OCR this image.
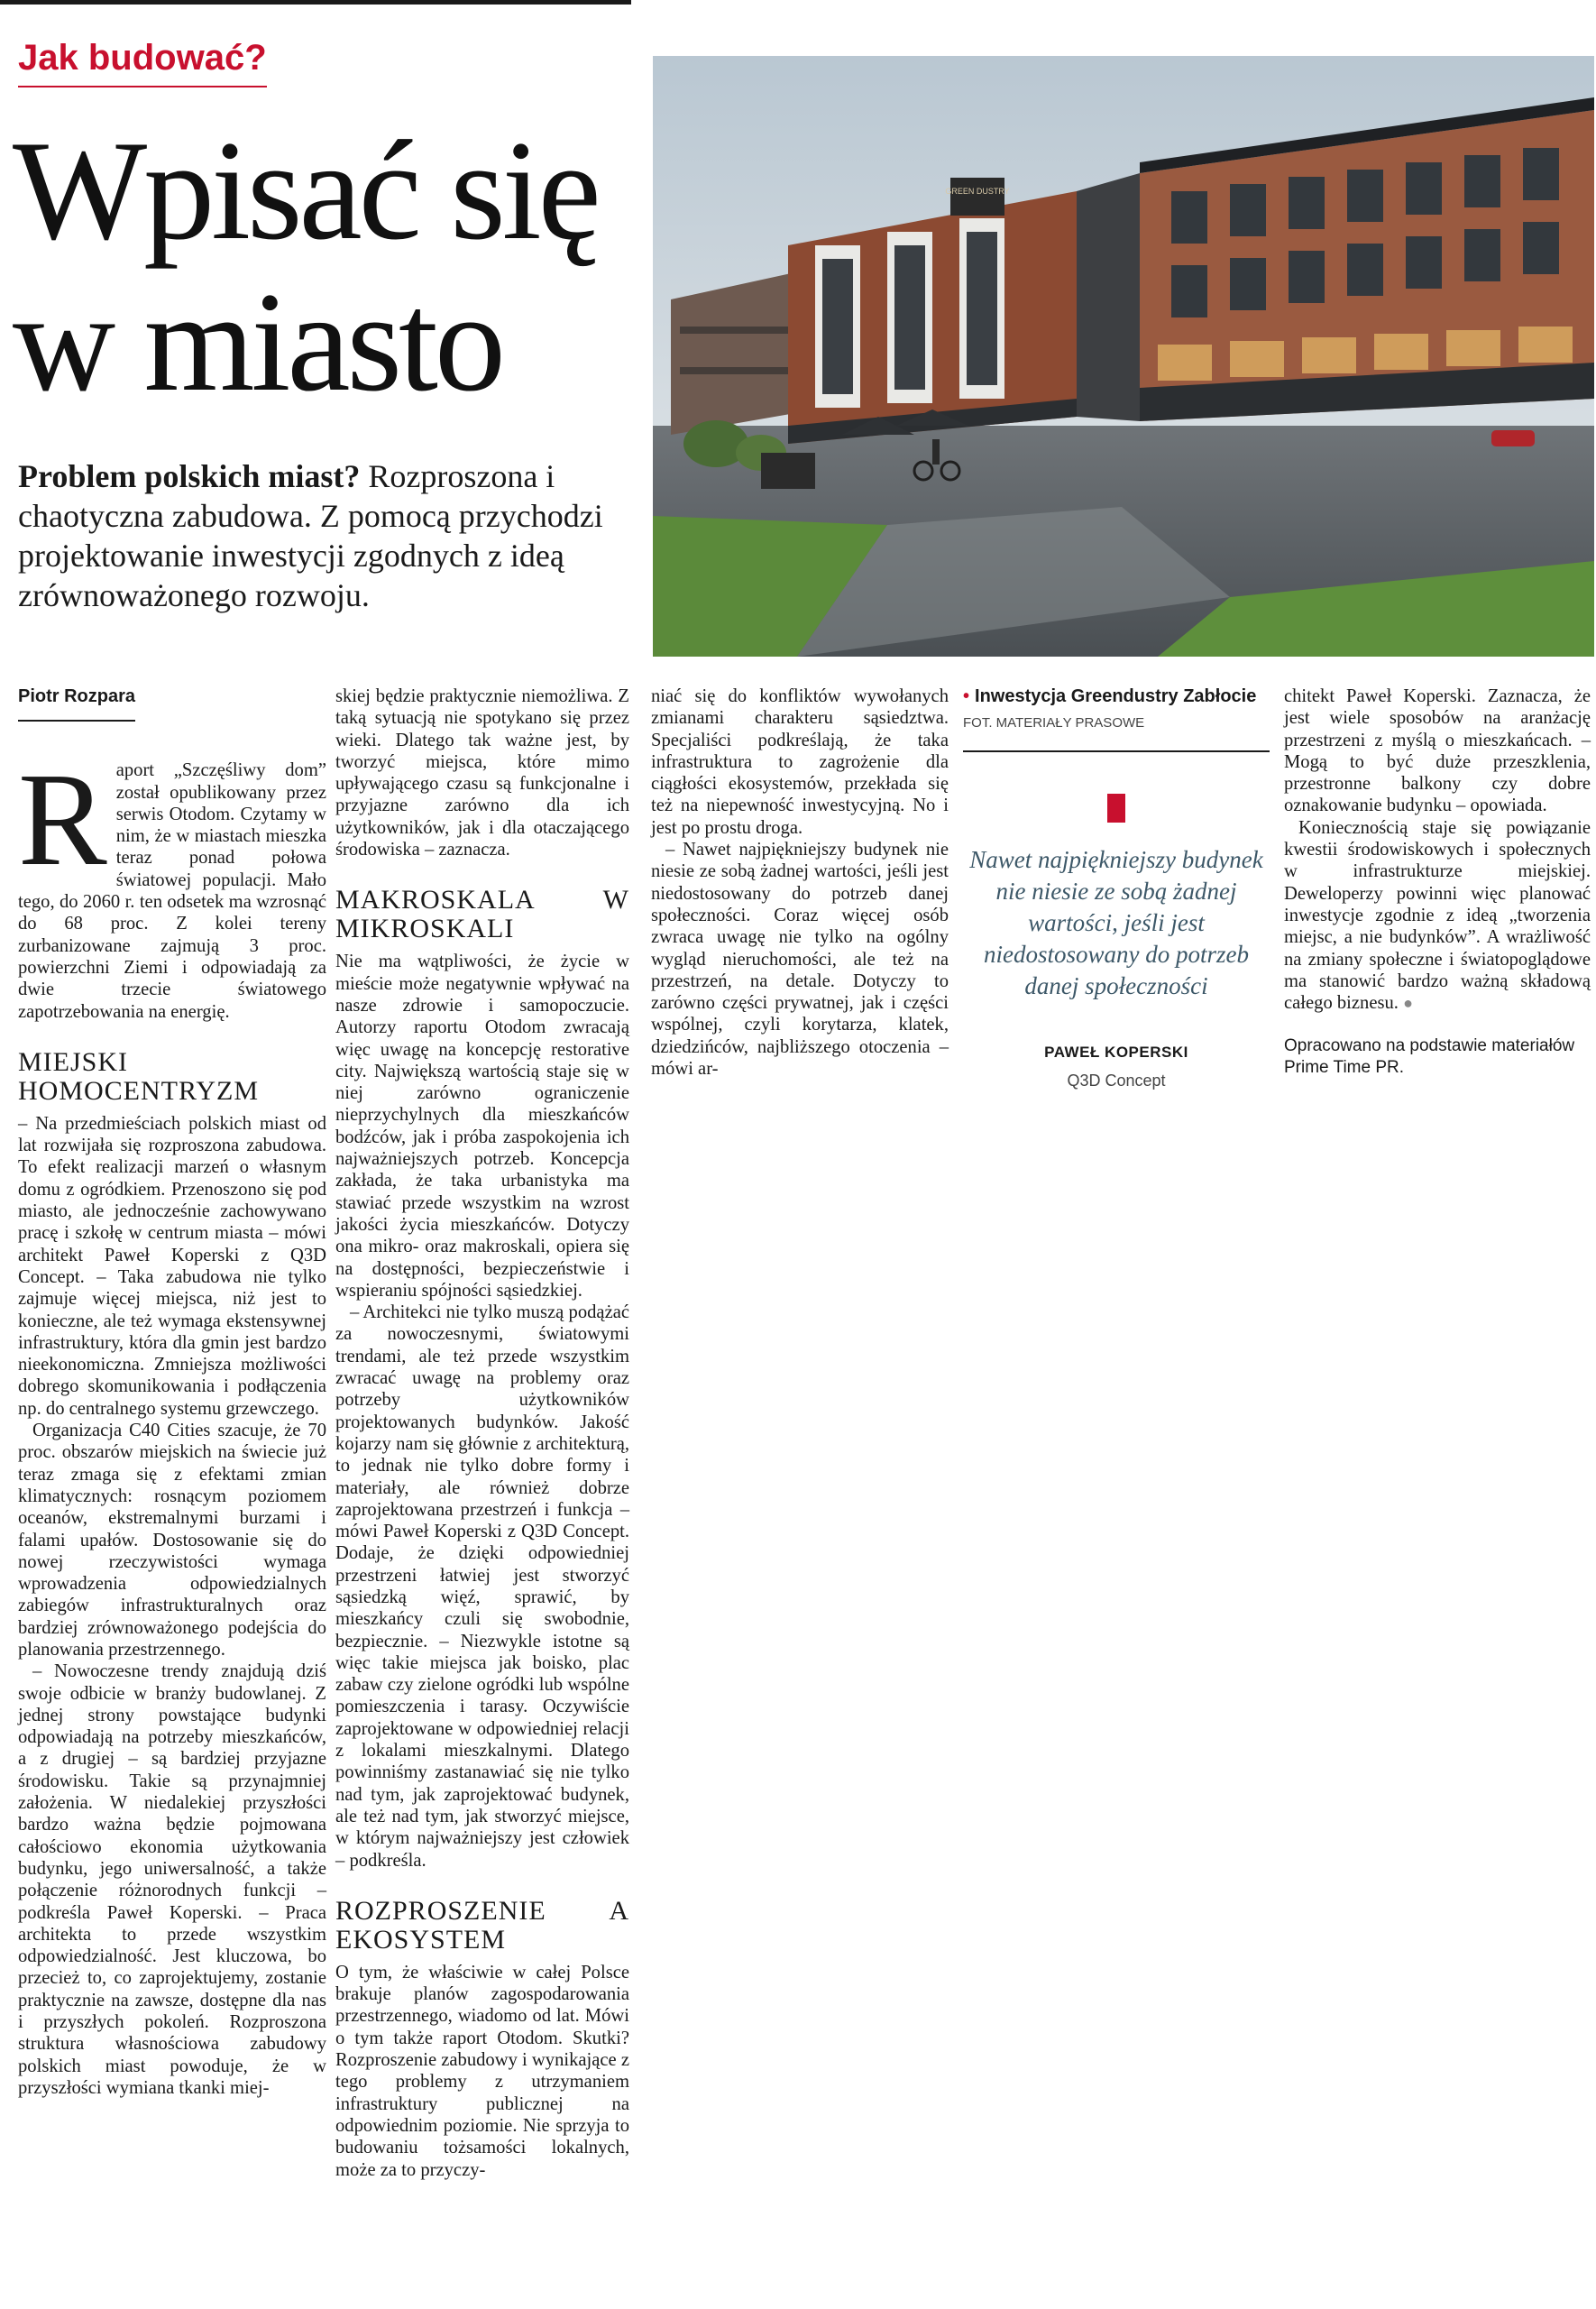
Jak budować?
Wpisać się
w miasto

Problem polskich miast? Rozproszona i chaotyczna zabudowa. Z pomocą przychodzi projektowanie inwestycji zgodnych z ideą zrównoważonego rozwoju.

GREEN DUSTRY
Piotr Rozpara

Raport „Szczęśliwy dom” został opublikowany przez serwis Otodom. Czytamy w nim, że w miastach mieszka teraz ponad połowa światowej populacji. Mało tego, do 2060 r. ten odsetek ma wzrosnąć do 68 proc. Z kolei tereny zurbanizowane zajmują 3 proc. powierzchni Ziemi i odpowiadają za dwie trzecie światowego zapotrzebowania na energię.

MIEJSKI HOMOCENTRYZM

– Na przedmieściach polskich miast od lat rozwijała się rozproszona zabudowa. To efekt realizacji marzeń o własnym domu z ogródkiem. Przenoszono się pod miasto, ale jednocześnie zachowywano pracę i szkołę w centrum miasta – mówi architekt Paweł Koperski z Q3D Concept. – Taka zabudowa nie tylko zajmuje więcej miejsca, niż jest to konieczne, ale też wymaga ekstensywnej infrastruktury, która dla gmin jest bardzo nieekonomiczna. Zmniejsza możliwości dobrego skomunikowania i podłączenia np. do centralnego systemu grzewczego.

Organizacja C40 Cities szacuje, że 70 proc. obszarów miejskich na świecie już teraz zmaga się z efektami zmian klimatycznych: rosnącym poziomem oceanów, ekstremalnymi burzami i falami upałów. Dostosowanie się do nowej rzeczywistości wymaga wprowadzenia odpowiedzialnych zabiegów infrastrukturalnych oraz bardziej zrównoważonego podejścia do planowania przestrzennego.

– Nowoczesne trendy znajdują dziś swoje odbicie w branży budowlanej. Z jednej strony powstające budynki odpowiadają na potrzeby mieszkańców, a z drugiej – są bardziej przyjazne środowisku. Takie są przynajmniej założenia. W niedalekiej przyszłości bardzo ważna będzie pojmowana całościowo ekonomia użytkowania budynku, jego uniwersalność, a także połączenie różnorodnych funkcji – podkreśla Paweł Koperski. – Praca architekta to przede wszystkim odpowiedzialność. Jest kluczowa, bo przecież to, co zaprojektujemy, zostanie praktycznie na zawsze, dostępne dla nas i przyszłych pokoleń. Rozproszona struktura własnościowa zabudowy polskich miast powoduje, że w przyszłości wymiana tkanki miej-

skiej będzie praktycznie niemożliwa. Z taką sytuacją nie spotykano się przez wieki. Dlatego tak ważne jest, by tworzyć miejsca, które mimo upływającego czasu są funkcjonalne i przyjazne zarówno dla ich użytkowników, jak i dla otaczającego środowiska – zaznacza.

MAKROSKALA W MIKROSKALI

Nie ma wątpliwości, że życie w mieście może negatywnie wpływać na nasze zdrowie i samopoczucie. Autorzy raportu Otodom zwracają więc uwagę na koncepcję restorative city. Największą wartością staje się w niej zarówno ograniczenie nieprzychylnych dla mieszkańców bodźców, jak i próba zaspokojenia ich najważniejszych potrzeb. Koncepcja zakłada, że taka urbanistyka ma stawiać przede wszystkim na wzrost jakości życia mieszkańców. Dotyczy ona mikro- oraz makroskali, opiera się na dostępności, bezpieczeństwie i wspieraniu spójności sąsiedzkiej.

– Architekci nie tylko muszą podążać za nowoczesnymi, światowymi trendami, ale też przede wszystkim zwracać uwagę na problemy oraz potrzeby użytkowników projektowanych budynków. Jakość kojarzy nam się głównie z architekturą, to jednak nie tylko dobre formy i materiały, ale również dobrze zaprojektowana przestrzeń i funkcja – mówi Paweł Koperski z Q3D Concept. Dodaje, że dzięki odpowiedniej przestrzeni łatwiej jest stworzyć sąsiedzką więź, sprawić, by mieszkańcy czuli się swobodnie, bezpiecznie. – Niezwykle istotne są więc takie miejsca jak boisko, plac zabaw czy zielone ogródki lub wspólne pomieszczenia i tarasy. Oczywiście zaprojektowane w odpowiedniej relacji z lokalami mieszkalnymi. Dlatego powinniśmy zastanawiać się nie tylko nad tym, jak zaprojektować budynek, ale też nad tym, jak stworzyć miejsce, w którym najważniejszy jest człowiek – podkreśla.

ROZPROSZENIE A EKOSYSTEM

O tym, że właściwie w całej Polsce brakuje planów zagospodarowania przestrzennego, wiadomo od lat. Mówi o tym także raport Otodom. Skutki? Rozproszenie zabudowy i wynikające z tego problemy z utrzymaniem infrastruktury publicznej na odpowiednim poziomie. Nie sprzyja to budowaniu tożsamości lokalnych, może za to przyczy-

niać się do konfliktów wywołanych zmianami charakteru sąsiedztwa. Specjaliści podkreślają, że taka infrastruktura to zagrożenie dla ciągłości ekosystemów, przekłada się też na niepewność inwestycyjną. No i jest po prostu droga.

– Nawet najpiękniejszy budynek nie niesie ze sobą żadnej wartości, jeśli jest niedostosowany do potrzeb danej społeczności. Coraz więcej osób zwraca uwagę nie tylko na ogólny wygląd nieruchomości, ale też na przestrzeń, na detale. Dotyczy to zarówno części prywatnej, jak i części wspólnej, czyli korytarza, klatek, dziedzińców, najbliższego otoczenia – mówi ar-

• Inwestycja Greendustry Zabłocie
FOT. MATERIAŁY PRASOWE
Nawet najpiękniejszy budynek nie niesie ze sobą żadnej wartości, jeśli jest niedostosowany do potrzeb danej społeczności
PAWEŁ KOPERSKI
Q3D Concept

chitekt Paweł Koperski. Zaznacza, że jest wiele sposobów na aranżację przestrzeni z myślą o mieszkańcach. – Mogą to być duże przeszklenia, przestronne balkony czy dobre oznakowanie budynku – opowiada.

Koniecznością staje się powiązanie kwestii środowiskowych i społecznych w infrastrukturze miejskiej. Deweloperzy powinni więc planować inwestycje zgodnie z ideą „tworzenia miejsc, a nie budynków”. A wrażliwość na zmiany społeczne i światopoglądowe ma stanowić bardzo ważną składową całego biznesu. ●

Opracowano na podstawie materiałów Prime Time PR.
